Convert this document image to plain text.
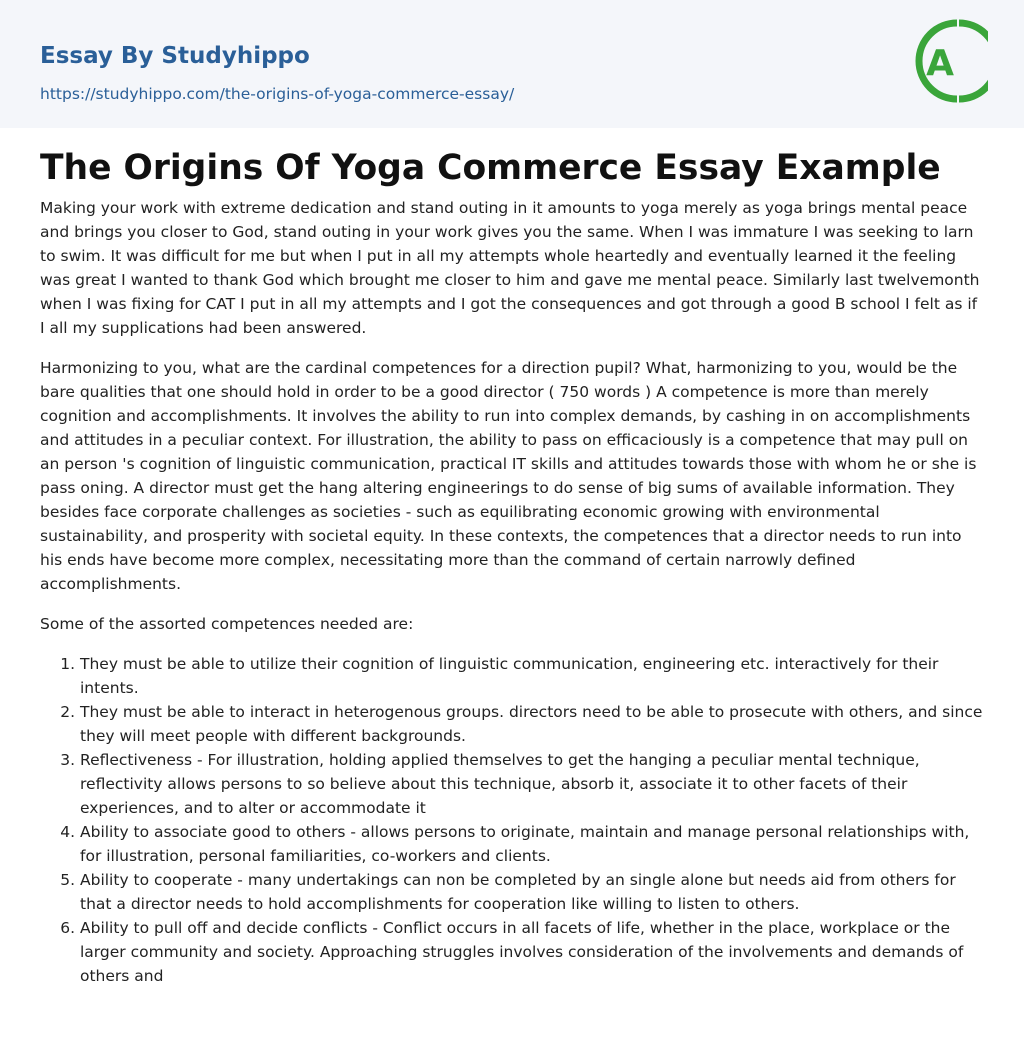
Essay By Studyhippo
https://studyhippo.com/the-origins-of-yoga-commerce-essay/
A
The Origins Of Yoga Commerce Essay Example

Making your work with extreme dedication and stand outing in it amounts to yoga merely as yoga brings mental peace and brings you closer to God, stand outing in your work gives you the same. When I was immature I was seeking to larn to swim. It was difficult for me but when I put in all my attempts whole heartedly and eventually learned it the feeling was great I wanted to thank God which brought me closer to him and gave me mental peace. Similarly last twelvemonth when I was fixing for CAT I put in all my attempts and I got the consequences and got through a good B school I felt as if I all my supplications had been answered.

Harmonizing to you, what are the cardinal competences for a direction pupil? What, harmonizing to you, would be the bare qualities that one should hold in order to be a good director ( 750 words ) A competence is more than merely cognition and accomplishments. It involves the ability to run into complex demands, by cashing in on accomplishments and attitudes in a peculiar context. For illustration, the ability to pass on efficaciously is a competence that may pull on an person 's cognition of linguistic communication, practical IT skills and attitudes towards those with whom he or she is pass oning. A director must get the hang altering engineerings to do sense of big sums of available information. They besides face corporate challenges as societies - such as equilibrating economic growing with environmental sustainability, and prosperity with societal equity. In these contexts, the competences that a director needs to run into his ends have become more complex, necessitating more than the command of certain narrowly defined accomplishments.

Some of the assorted competences needed are:

1. They must be able to utilize their cognition of linguistic communication, engineering etc. interactively for their intents.
2. They must be able to interact in heterogenous groups. directors need to be able to prosecute with others, and since they will meet people with different backgrounds.
3. Reflectiveness - For illustration, holding applied themselves to get the hanging a peculiar mental technique, reflectivity allows persons to so believe about this technique, absorb it, associate it to other facets of their experiences, and to alter or accommodate it
4. Ability to associate good to others - allows persons to originate, maintain and manage personal relationships with, for illustration, personal familiarities, co-workers and clients.
5. Ability to cooperate - many undertakings can non be completed by an single alone but needs aid from others for that a director needs to hold accomplishments for cooperation like willing to listen to others.
6. Ability to pull off and decide conflicts - Conflict occurs in all facets of life, whether in the place, workplace or the larger community and society. Approaching struggles involves consideration of the involvements and demands of others and
